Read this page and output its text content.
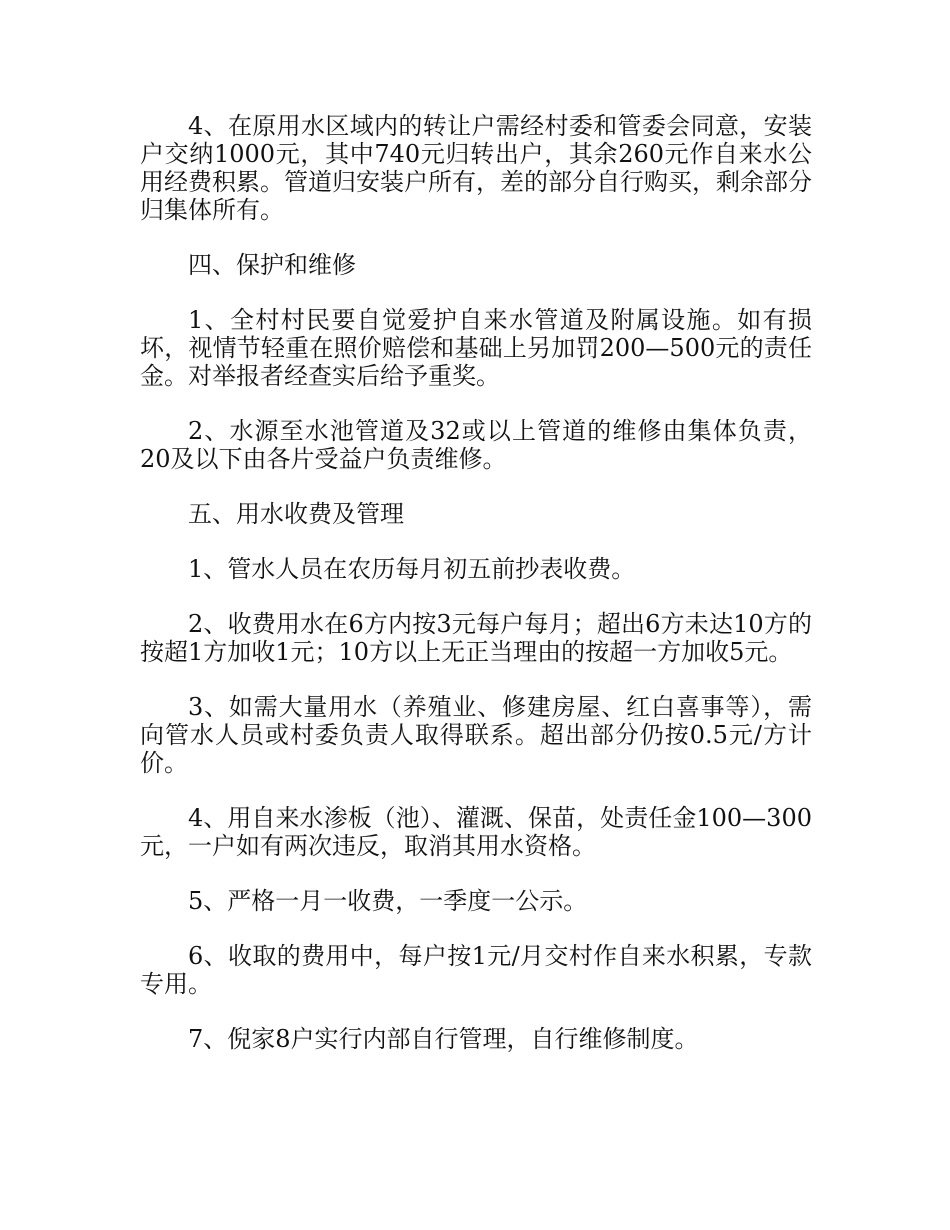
4、在原用水区域内的转让户需经村委和管委会同意，安装户交纳1000元，其中740元归转出户，其余260元作自来水公用经费积累。管道归安装户所有，差的部分自行购买，剩余部分归集体所有。

四、保护和维修

1、全村村民要自觉爱护自来水管道及附属设施。如有损坏，视情节轻重在照价赔偿和基础上另加罚200—500元的责任金。对举报者经查实后给予重奖。

2、水源至水池管道及32或以上管道的维修由集体负责，20及以下由各片受益户负责维修。

五、用水收费及管理

1、管水人员在农历每月初五前抄表收费。

2、收费用水在6方内按3元每户每月；超出6方未达10方的按超1方加收1元；10方以上无正当理由的按超一方加收5元。

3、如需大量用水（养殖业、修建房屋、红白喜事等），需向管水人员或村委负责人取得联系。超出部分仍按0.5元/方计价。

4、用自来水渗板（池）、灌溉、保苗，处责任金100—300元，一户如有两次违反，取消其用水资格。

5、严格一月一收费，一季度一公示。

6、收取的费用中，每户按1元/月交村作自来水积累，专款专用。

7、倪家8户实行内部自行管理，自行维修制度。
